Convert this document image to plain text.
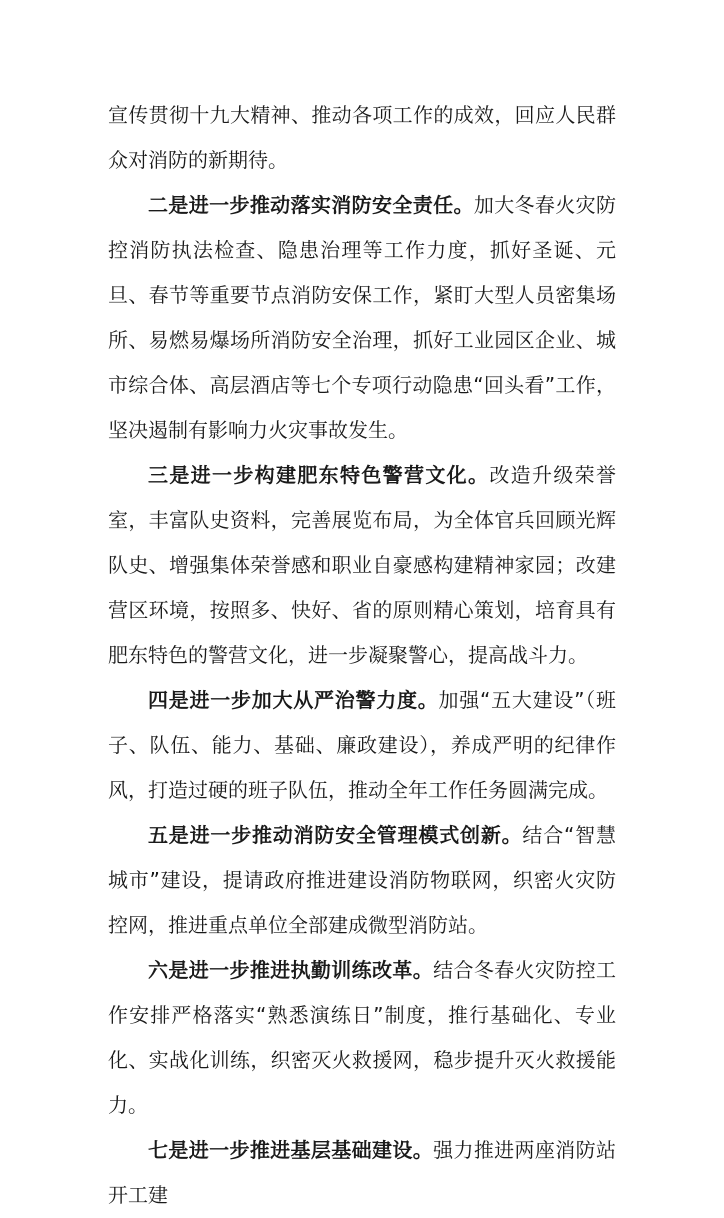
宣传贯彻十九大精神、推动各项工作的成效，回应人民群众对消防的新期待。

二是进一步推动落实消防安全责任。加大冬春火灾防控消防执法检查、隐患治理等工作力度，抓好圣诞、元旦、春节等重要节点消防安保工作，紧盯大型人员密集场所、易燃易爆场所消防安全治理，抓好工业园区企业、城市综合体、高层酒店等七个专项行动隐患“回头看”工作，坚决遏制有影响力火灾事故发生。

三是进一步构建肥东特色警营文化。改造升级荣誉室，丰富队史资料，完善展览布局，为全体官兵回顾光辉队史、增强集体荣誉感和职业自豪感构建精神家园；改建营区环境，按照多、快好、省的原则精心策划，培育具有肥东特色的警营文化，进一步凝聚警心，提高战斗力。

四是进一步加大从严治警力度。加强“五大建设”（班子、队伍、能力、基础、廉政建设），养成严明的纪律作风，打造过硬的班子队伍，推动全年工作任务圆满完成。

五是进一步推动消防安全管理模式创新。结合“智慧城市”建设，提请政府推进建设消防物联网，织密火灾防控网，推进重点单位全部建成微型消防站。

六是进一步推进执勤训练改革。结合冬春火灾防控工作安排严格落实“熟悉演练日”制度，推行基础化、专业化、实战化训练，织密灭火救援网，稳步提升灭火救援能力。

七是进一步推进基层基础建设。强力推进两座消防站开工建
